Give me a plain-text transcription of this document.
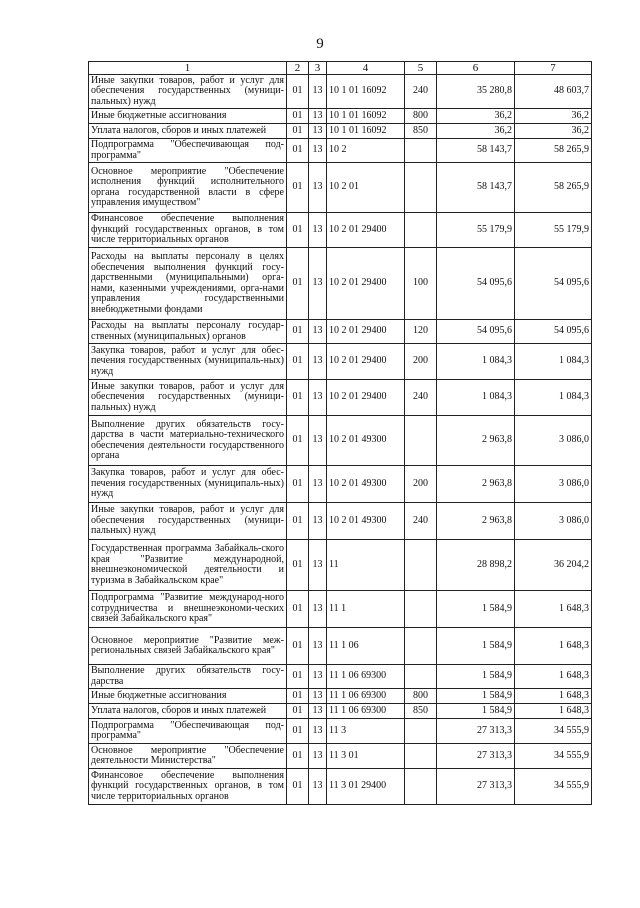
9
1	2	3	4	5	6	7
Иные закупки товаров, работ и услуг для обеспечения государственных (муници-пальных) нужд	01	13	10 1 01 16092	240	35 280,8	48 603,7
Иные бюджетные ассигнования	01	13	10 1 01 16092	800	36,2	36,2
Уплата налогов, сборов и иных платежей	01	13	10 1 01 16092	850	36,2	36,2
Подпрограмма "Обеспечивающая под-программа"	01	13	10 2		58 143,7	58 265,9
Основное мероприятие "Обеспечение исполнения функций исполнительного органа государственной власти в сфере управления имуществом"	01	13	10 2 01		58 143,7	58 265,9
Финансовое обеспечение выполнения функций государственных органов, в том числе территориальных органов	01	13	10 2 01 29400		55 179,9	55 179,9
Расходы на выплаты персоналу в целях обеспечения выполнения функций госу-дарственными (муниципальными) орга-нами, казенными учреждениями, орга-нами управления государственными внебюджетными фондами	01	13	10 2 01 29400	100	54 095,6	54 095,6
Расходы на выплаты персоналу государ-ственных (муниципальных) органов	01	13	10 2 01 29400	120	54 095,6	54 095,6
Закупка товаров, работ и услуг для обес-печения государственных (муниципаль-ных) нужд	01	13	10 2 01 29400	200	1 084,3	1 084,3
Иные закупки товаров, работ и услуг для обеспечения государственных (муници-пальных) нужд	01	13	10 2 01 29400	240	1 084,3	1 084,3
Выполнение других обязательств госу-дарства в части материально-технического обеспечения деятельности государственного органа	01	13	10 2 01 49300		2 963,8	3 086,0
Закупка товаров, работ и услуг для обес-печения государственных (муниципаль-ных) нужд	01	13	10 2 01 49300	200	2 963,8	3 086,0
Иные закупки товаров, работ и услуг для обеспечения государственных (муници-пальных) нужд	01	13	10 2 01 49300	240	2 963,8	3 086,0
Государственная программа Забайкаль-ского края "Развитие международной, внешнеэкономической деятельности и туризма в Забайкальском крае"	01	13	11		28 898,2	36 204,2
Подпрограмма "Развитие международ-ного сотрудничества и внешнеэкономи-ческих связей Забайкальского края"	01	13	11 1		1 584,9	1 648,3
Основное мероприятие "Развитие меж-региональных связей Забайкальского края"	01	13	11 1 06		1 584,9	1 648,3
Выполнение других обязательств госу-дарства	01	13	11 1 06 69300		1 584,9	1 648,3
Иные бюджетные ассигнования	01	13	11 1 06 69300	800	1 584,9	1 648,3
Уплата налогов, сборов и иных платежей	01	13	11 1 06 69300	850	1 584,9	1 648,3
Подпрограмма "Обеспечивающая под-программа"	01	13	11 3		27 313,3	34 555,9
Основное мероприятие "Обеспечение деятельности Министерства"	01	13	11 3 01		27 313,3	34 555,9
Финансовое обеспечение выполнения функций государственных органов, в том числе территориальных органов	01	13	11 3 01 29400		27 313,3	34 555,9
